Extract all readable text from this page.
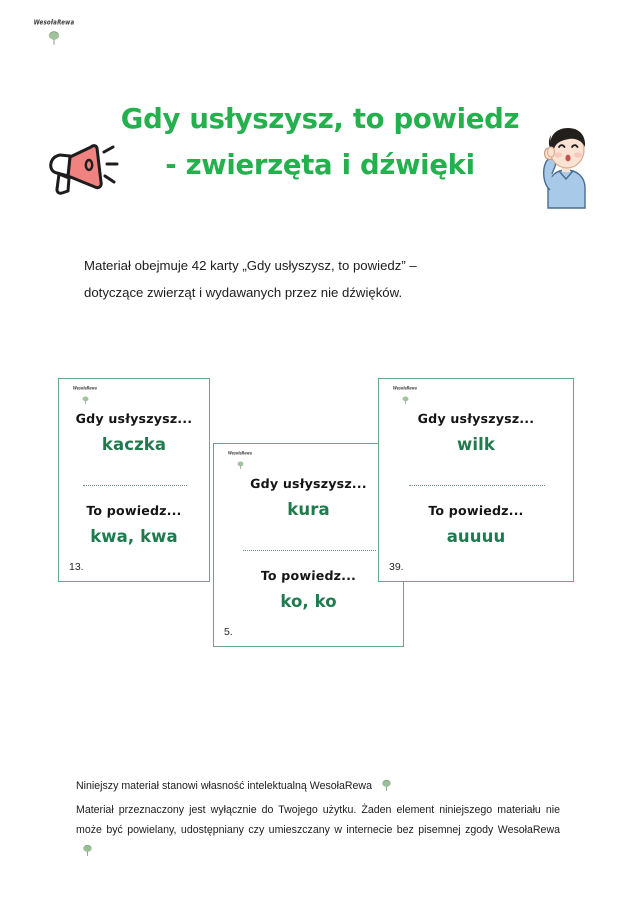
WesołaRewa
Gdy usłyszysz, to powiedz
- zwierzęta i dźwięki
Materiał obejmuje 42 karty „Gdy usłyszysz, to powiedz” –
dotyczące zwierząt i wydawanych przez nie dźwięków.
WesołaRewa
Gdy usłyszysz...
kaczka
To powiedz...
kwa, kwa
13.
WesołaRewa
Gdy usłyszysz...
kura
To powiedz...
ko, ko
5.
WesołaRewa
Gdy usłyszysz...
wilk
To powiedz...
auuuu
39.
Niniejszy materiał stanowi własność intelektualną WesołaRewa
Materiał przeznaczony jest wyłącznie do Twojego użytku. Żaden element niniejszego materiału nie może być powielany, udostępniany czy umieszczany w internecie bez pisemnej zgody WesołaRewa
